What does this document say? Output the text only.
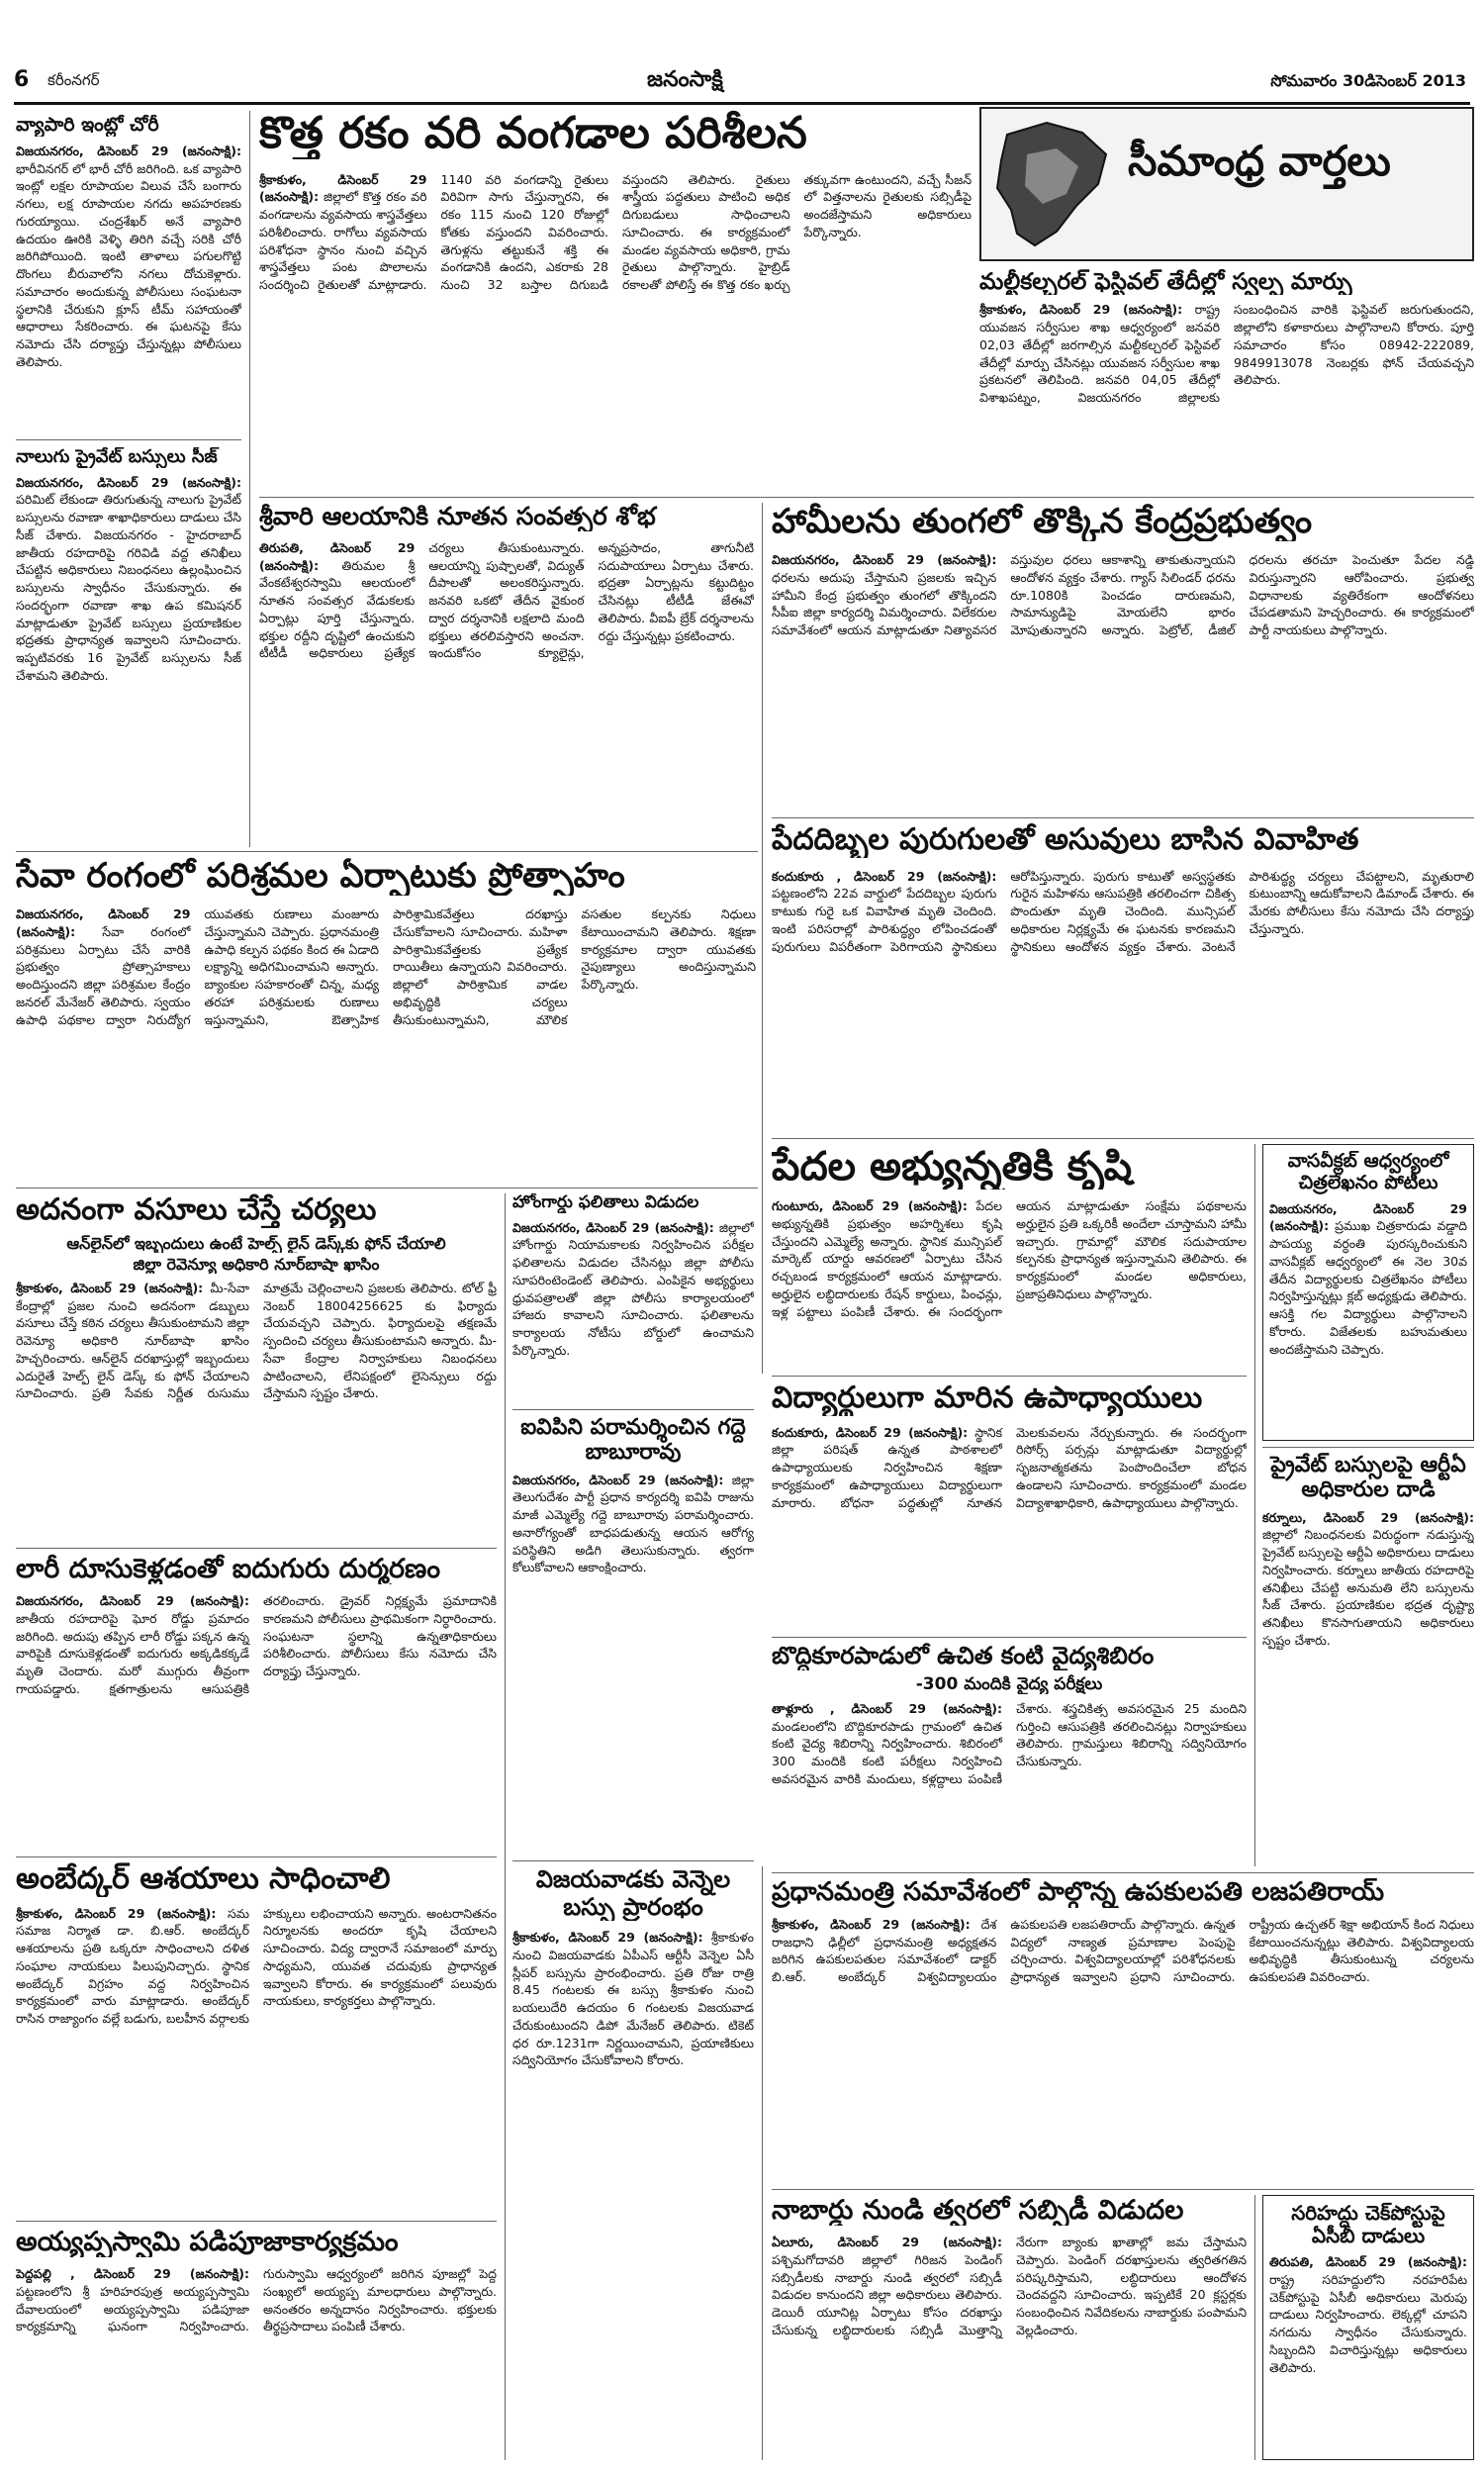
6 కరీంనగర్	జనంసాక్షి	సోమవారం 30డిసెంబర్ 2013
వ్యాపారి ఇంట్లో చోరీ
విజయనగరం, డిసెంబర్ 29 (జనంసాక్షి): భారీవినగర్ లో భారీ చోరీ జరిగింది. ఒక వ్యాపారి ఇంట్లో లక్షల రూపాయల విలువ చేసే బంగారు నగలు, లక్ష రూపాయల నగదు అపహరణకు గురయ్యాయి. చంద్రశేఖర్ అనే వ్యాపారి ఉదయం ఊరికి వెళ్ళి తిరిగి వచ్చే సరికి చోరీ జరిగిపోయింది. ఇంటి తాళాలు పగులగొట్టి దొంగలు బీరువాలోని నగలు దోచుకెళ్లారు. సమాచారం అందుకున్న పోలీసులు సంఘటనా స్థలానికి చేరుకుని క్లూస్ టీమ్ సహాయంతో ఆధారాలు సేకరించారు. ఈ ఘటనపై కేసు నమోదు చేసి దర్యాప్తు చేస్తున్నట్లు పోలీసులు తెలిపారు.
నాలుగు ప్రైవేట్ బస్సులు సీజ్
విజయనగరం, డిసెంబర్ 29 (జనంసాక్షి): పరిమిట్ లేకుండా తిరుగుతున్న నాలుగు ప్రైవేట్ బస్సులను రవాణా శాఖాధికారులు దాడులు చేసి సీజ్ చేశారు. విజయనగరం - హైదరాబాద్ జాతీయ రహదారిపై గరివిడి వద్ద తనిఖీలు చేపట్టిన అధికారులు నిబంధనలు ఉల్లంఘించిన బస్సులను స్వాధీనం చేసుకున్నారు. ఈ సందర్భంగా రవాణా శాఖ ఉప కమిషనర్ మాట్లాడుతూ ప్రైవేట్ బస్సులు ప్రయాణికుల భద్రతకు ప్రాధాన్యత ఇవ్వాలని సూచించారు. ఇప్పటివరకు 16 ప్రైవేట్ బస్సులను సీజ్ చేశామని తెలిపారు.
కొత్త రకం వరి వంగడాల పరిశీలన
శ్రీకాకుళం, డిసెంబర్ 29 (జనంసాక్షి): జిల్లాలో కొత్త రకం వరి వంగడాలను వ్యవసాయ శాస్త్రవేత్తలు పరిశీలించారు. రాగోలు వ్యవసాయ పరిశోధనా స్థానం నుంచి వచ్చిన శాస్త్రవేత్తలు పంట పొలాలను సందర్శించి రైతులతో మాట్లాడారు. 1140 వరి వంగడాన్ని రైతులు విరివిగా సాగు చేస్తున్నారని, ఈ రకం 115 నుంచి 120 రోజుల్లో కోతకు వస్తుందని వివరించారు. తెగుళ్లను తట్టుకునే శక్తి ఈ వంగడానికి ఉందని, ఎకరాకు 28 నుంచి 32 బస్తాల దిగుబడి వస్తుందని తెలిపారు. రైతులు శాస్త్రీయ పద్ధతులు పాటించి అధిక దిగుబడులు సాధించాలని సూచించారు. ఈ కార్యక్రమంలో మండల వ్యవసాయ అధికారి, గ్రామ రైతులు పాల్గొన్నారు. హైబ్రిడ్ రకాలతో పోలిస్తే ఈ కొత్త రకం ఖర్చు తక్కువగా ఉంటుందని, వచ్చే సీజన్ లో విత్తనాలను రైతులకు సబ్సిడీపై అందజేస్తామని అధికారులు పేర్కొన్నారు.
సీమాంధ్ర వార్తలు
మల్టీకల్చరల్ ఫెస్టివల్ తేదీల్లో స్వల్ప మార్పు
శ్రీకాకుళం, డిసెంబర్ 29 (జనంసాక్షి): రాష్ట్ర యువజన సర్వీసుల శాఖ ఆధ్వర్యంలో జనవరి 02,03 తేదీల్లో జరగాల్సిన మల్టీకల్చరల్ ఫెస్టివల్ తేదీల్లో మార్పు చేసినట్లు యువజన సర్వీసుల శాఖ ప్రకటనలో తెలిపింది. జనవరి 04,05 తేదీల్లో విశాఖపట్నం, విజయనగరం జిల్లాలకు సంబంధించిన వారికి ఫెస్టివల్ జరుగుతుందని, జిల్లాలోని కళాకారులు పాల్గొనాలని కోరారు. పూర్తి సమాచారం కోసం 08942-222089, 9849913078 నెంబర్లకు ఫోన్ చేయవచ్చని తెలిపారు.
శ్రీవారి ఆలయానికి నూతన సంవత్సర శోభ
తిరుపతి, డిసెంబర్ 29 (జనంసాక్షి): తిరుమల శ్రీ వేంకటేశ్వరస్వామి ఆలయంలో నూతన సంవత్సర వేడుకలకు ఏర్పాట్లు పూర్తి చేస్తున్నారు. భక్తుల రద్దీని దృష్టిలో ఉంచుకుని టీటీడీ అధికారులు ప్రత్యేక చర్యలు తీసుకుంటున్నారు. ఆలయాన్ని పుష్పాలతో, విద్యుత్ దీపాలతో అలంకరిస్తున్నారు. జనవరి ఒకటో తేదీన వైకుంఠ ద్వార దర్శనానికి లక్షలాది మంది భక్తులు తరలివస్తారని అంచనా. ఇందుకోసం క్యూలైన్లు, అన్నప్రసాదం, తాగునీటి సదుపాయాలు ఏర్పాటు చేశారు. భద్రతా ఏర్పాట్లను కట్టుదిట్టం చేసినట్లు టీటీడీ జేఈవో తెలిపారు. వీఐపీ బ్రేక్ దర్శనాలను రద్దు చేస్తున్నట్లు ప్రకటించారు.
హామీలను తుంగలో తొక్కిన కేంద్రప్రభుత్వం
విజయనగరం, డిసెంబర్ 29 (జనంసాక్షి): ధరలను అదుపు చేస్తామని ప్రజలకు ఇచ్చిన హామీని కేంద్ర ప్రభుత్వం తుంగలో తొక్కిందని సీపీఐ జిల్లా కార్యదర్శి విమర్శించారు. విలేకరుల సమావేశంలో ఆయన మాట్లాడుతూ నిత్యావసర వస్తువుల ధరలు ఆకాశాన్ని తాకుతున్నాయని ఆందోళన వ్యక్తం చేశారు. గ్యాస్ సిలిండర్ ధరను రూ.1080కి పెంచడం దారుణమని, సామాన్యుడిపై మోయలేని భారం మోపుతున్నారని అన్నారు. పెట్రోల్, డీజిల్ ధరలను తరచూ పెంచుతూ పేదల నడ్డి విరుస్తున్నారని ఆరోపించారు. ప్రభుత్వ విధానాలకు వ్యతిరేకంగా ఆందోళనలు చేపడతామని హెచ్చరించారు. ఈ కార్యక్రమంలో పార్టీ నాయకులు పాల్గొన్నారు.
పేదదిబ్బల పురుగులతో అసువులు బాసిన వివాహిత
కందుకూరు , డిసెంబర్ 29 (జనంసాక్షి): పట్టణంలోని 22వ వార్డులో పేదదిబ్బల పురుగు కాటుకు గురై ఒక వివాహిత మృతి చెందింది. ఇంటి పరిసరాల్లో పారిశుద్ధ్యం లోపించడంతో పురుగులు విపరీతంగా పెరిగాయని స్థానికులు ఆరోపిస్తున్నారు. పురుగు కాటుతో అస్వస్థతకు గురైన మహిళను ఆసుపత్రికి తరలించగా చికిత్స పొందుతూ మృతి చెందింది. మున్సిపల్ అధికారుల నిర్లక్ష్యమే ఈ ఘటనకు కారణమని స్థానికులు ఆందోళన వ్యక్తం చేశారు. వెంటనే పారిశుద్ధ్య చర్యలు చేపట్టాలని, మృతురాలి కుటుంబాన్ని ఆదుకోవాలని డిమాండ్ చేశారు. ఈ మేరకు పోలీసులు కేసు నమోదు చేసి దర్యాప్తు చేస్తున్నారు.
సేవా రంగంలో పరిశ్రమల ఏర్పాటుకు ప్రోత్సాహం
విజయనగరం, డిసెంబర్ 29 (జనంసాక్షి): సేవా రంగంలో పరిశ్రమలు ఏర్పాటు చేసే వారికి ప్రభుత్వం ప్రోత్సాహకాలు అందిస్తుందని జిల్లా పరిశ్రమల కేంద్రం జనరల్ మేనేజర్ తెలిపారు. స్వయం ఉపాధి పథకాల ద్వారా నిరుద్యోగ యువతకు రుణాలు మంజూరు చేస్తున్నామని చెప్పారు. ప్రధానమంత్రి ఉపాధి కల్పన పథకం కింద ఈ ఏడాది లక్ష్యాన్ని అధిగమించామని అన్నారు. బ్యాంకుల సహకారంతో చిన్న, మధ్య తరహా పరిశ్రమలకు రుణాలు ఇస్తున్నామని, ఔత్సాహిక పారిశ్రామికవేత్తలు దరఖాస్తు చేసుకోవాలని సూచించారు. మహిళా పారిశ్రామికవేత్తలకు ప్రత్యేక రాయితీలు ఉన్నాయని వివరించారు. జిల్లాలో పారిశ్రామిక వాడల అభివృద్ధికి చర్యలు తీసుకుంటున్నామని, మౌలిక వసతుల కల్పనకు నిధులు కేటాయించామని తెలిపారు. శిక్షణా కార్యక్రమాల ద్వారా యువతకు నైపుణ్యాలు అందిస్తున్నామని పేర్కొన్నారు.
పేదల అభ్యున్నతికి కృషి
గుంటూరు, డిసెంబర్ 29 (జనంసాక్షి): పేదల అభ్యున్నతికి ప్రభుత్వం అహర్నిశలు కృషి చేస్తుందని ఎమ్మెల్యే అన్నారు. స్థానిక మున్సిపల్ మార్కెట్ యార్డు ఆవరణలో ఏర్పాటు చేసిన రచ్చబండ కార్యక్రమంలో ఆయన మాట్లాడారు. అర్హులైన లబ్ధిదారులకు రేషన్ కార్డులు, పింఛన్లు, ఇళ్ల పట్టాలు పంపిణీ చేశారు. ఈ సందర్భంగా ఆయన మాట్లాడుతూ సంక్షేమ పథకాలను అర్హులైన ప్రతి ఒక్కరికీ అందేలా చూస్తామని హామీ ఇచ్చారు. గ్రామాల్లో మౌలిక సదుపాయాల కల్పనకు ప్రాధాన్యత ఇస్తున్నామని తెలిపారు. ఈ కార్యక్రమంలో మండల అధికారులు, ప్రజాప్రతినిధులు పాల్గొన్నారు.
వాసవీక్లబ్ ఆధ్వర్యంలో చిత్రలేఖనం పోటీలు
విజయనగరం, డిసెంబర్ 29 (జనంసాక్షి): ప్రముఖ చిత్రకారుడు వడ్డాది పాపయ్య వర్ధంతి పురస్కరించుకుని వాసవీక్లబ్ ఆధ్వర్యంలో ఈ నెల 30వ తేదీన విద్యార్థులకు చిత్రలేఖనం పోటీలు నిర్వహిస్తున్నట్లు క్లబ్ అధ్యక్షుడు తెలిపారు. ఆసక్తి గల విద్యార్థులు పాల్గొనాలని కోరారు. విజేతలకు బహుమతులు అందజేస్తామని చెప్పారు.
అదనంగా వసూలు చేస్తే చర్యలు
ఆన్‌లైన్‌లో ఇబ్బందులు ఉంటే హెల్ప్ లైన్ డెస్క్‌కు ఫోన్ చేయాలి
జిల్లా రెవెన్యూ అధికారి నూర్‌బాషా ఖాసిం
శ్రీకాకుళం, డిసెంబర్ 29 (జనంసాక్షి): మీ-సేవా కేంద్రాల్లో ప్రజల నుంచి అదనంగా డబ్బులు వసూలు చేస్తే కఠిన చర్యలు తీసుకుంటామని జిల్లా రెవెన్యూ అధికారి నూర్‌బాషా ఖాసిం హెచ్చరించారు. ఆన్‌లైన్ దరఖాస్తుల్లో ఇబ్బందులు ఎదురైతే హెల్ప్ లైన్ డెస్క్ కు ఫోన్ చేయాలని సూచించారు. ప్రతి సేవకు నిర్ణీత రుసుము మాత్రమే చెల్లించాలని ప్రజలకు తెలిపారు. టోల్ ఫ్రీ నెంబర్ 18004256625 కు ఫిర్యాదు చేయవచ్చని చెప్పారు. ఫిర్యాదులపై తక్షణమే స్పందించి చర్యలు తీసుకుంటామని అన్నారు. మీ-సేవా కేంద్రాల నిర్వాహకులు నిబంధనలు పాటించాలని, లేనిపక్షంలో లైసెన్సులు రద్దు చేస్తామని స్పష్టం చేశారు.
హోంగార్డు ఫలితాలు విడుదల
విజయనగరం, డిసెంబర్ 29 (జనంసాక్షి): జిల్లాలో హోంగార్డు నియామకాలకు నిర్వహించిన పరీక్షల ఫలితాలను విడుదల చేసినట్లు జిల్లా పోలీసు సూపరింటెండెంట్ తెలిపారు. ఎంపికైన అభ్యర్థులు ధ్రువపత్రాలతో జిల్లా పోలీసు కార్యాలయంలో హాజరు కావాలని సూచించారు. ఫలితాలను కార్యాలయ నోటీసు బోర్డులో ఉంచామని పేర్కొన్నారు.
ఐవిపిని పరామర్శించిన గద్దె బాబూరావు
విజయనగరం, డిసెంబర్ 29 (జనంసాక్షి): జిల్లా తెలుగుదేశం పార్టీ ప్రధాన కార్యదర్శి ఐవిపి రాజును మాజీ ఎమ్మెల్యే గద్దె బాబూరావు పరామర్శించారు. అనారోగ్యంతో బాధపడుతున్న ఆయన ఆరోగ్య పరిస్థితిని అడిగి తెలుసుకున్నారు. త్వరగా కోలుకోవాలని ఆకాంక్షించారు.
లారీ దూసుకెళ్లడంతో ఐదుగురు దుర్మరణం
విజయనగరం, డిసెంబర్ 29 (జనంసాక్షి): జాతీయ రహదారిపై ఘోర రోడ్డు ప్రమాదం జరిగింది. అదుపు తప్పిన లారీ రోడ్డు పక్కన ఉన్న వారిపైకి దూసుకెళ్లడంతో ఐదుగురు అక్కడికక్కడే మృతి చెందారు. మరో ముగ్గురు తీవ్రంగా గాయపడ్డారు. క్షతగాత్రులను ఆసుపత్రికి తరలించారు. డ్రైవర్ నిర్లక్ష్యమే ప్రమాదానికి కారణమని పోలీసులు ప్రాథమికంగా నిర్ధారించారు. సంఘటనా స్థలాన్ని ఉన్నతాధికారులు పరిశీలించారు. పోలీసులు కేసు నమోదు చేసి దర్యాప్తు చేస్తున్నారు.
విద్యార్థులుగా మారిన ఉపాధ్యాయులు
కందుకూరు, డిసెంబర్ 29 (జనంసాక్షి): స్థానిక జిల్లా పరిషత్ ఉన్నత పాఠశాలలో ఉపాధ్యాయులకు నిర్వహించిన శిక్షణా కార్యక్రమంలో ఉపాధ్యాయులు విద్యార్థులుగా మారారు. బోధనా పద్ధతుల్లో నూతన మెలకువలను నేర్చుకున్నారు. ఈ సందర్భంగా రిసోర్స్ పర్సన్లు మాట్లాడుతూ విద్యార్థుల్లో సృజనాత్మకతను పెంపొందించేలా బోధన ఉండాలని సూచించారు. కార్యక్రమంలో మండల విద్యాశాఖాధికారి, ఉపాధ్యాయులు పాల్గొన్నారు.
బొద్దికూరపాడులో ఉచిత కంటి వైద్యశిబిరం
-300 మందికి వైద్య పరీక్షలు
తాళ్లూరు , డిసెంబర్ 29 (జనంసాక్షి): మండలంలోని బొద్దికూరపాడు గ్రామంలో ఉచిత కంటి వైద్య శిబిరాన్ని నిర్వహించారు. శిబిరంలో 300 మందికి కంటి పరీక్షలు నిర్వహించి అవసరమైన వారికి మందులు, కళ్లద్దాలు పంపిణీ చేశారు. శస్త్రచికిత్స అవసరమైన 25 మందిని గుర్తించి ఆసుపత్రికి తరలించినట్లు నిర్వాహకులు తెలిపారు. గ్రామస్తులు శిబిరాన్ని సద్వినియోగం చేసుకున్నారు.
ప్రైవేట్ బస్సులపై ఆర్టీఏ అధికారుల దాడి
కర్నూలు, డిసెంబర్ 29 (జనంసాక్షి): జిల్లాలో నిబంధనలకు విరుద్ధంగా నడుస్తున్న ప్రైవేట్ బస్సులపై ఆర్టీఏ అధికారులు దాడులు నిర్వహించారు. కర్నూలు జాతీయ రహదారిపై తనిఖీలు చేపట్టి అనుమతి లేని బస్సులను సీజ్ చేశారు. ప్రయాణికుల భద్రత దృష్ట్యా తనిఖీలు కొనసాగుతాయని అధికారులు స్పష్టం చేశారు.
అంబేద్కర్ ఆశయాలు సాధించాలి
శ్రీకాకుళం, డిసెంబర్ 29 (జనంసాక్షి): సమ సమాజ నిర్మాత డా. బి.ఆర్. అంబేద్కర్ ఆశయాలను ప్రతి ఒక్కరూ సాధించాలని దళిత సంఘాల నాయకులు పిలుపునిచ్చారు. స్థానిక అంబేద్కర్ విగ్రహం వద్ద నిర్వహించిన కార్యక్రమంలో వారు మాట్లాడారు. అంబేద్కర్ రాసిన రాజ్యాంగం వల్లే బడుగు, బలహీన వర్గాలకు హక్కులు లభించాయని అన్నారు. అంటరానితనం నిర్మూలనకు అందరూ కృషి చేయాలని సూచించారు. విద్య ద్వారానే సమాజంలో మార్పు సాధ్యమని, యువత చదువుకు ప్రాధాన్యత ఇవ్వాలని కోరారు. ఈ కార్యక్రమంలో పలువురు నాయకులు, కార్యకర్తలు పాల్గొన్నారు.
విజయవాడకు వెన్నెల బస్సు ప్రారంభం
శ్రీకాకుళం, డిసెంబర్ 29 (జనంసాక్షి): శ్రీకాకుళం నుంచి విజయవాడకు ఏపీఎస్ ఆర్టీసీ వెన్నెల ఏసీ స్లీపర్ బస్సును ప్రారంభించారు. ప్రతి రోజు రాత్రి 8.45 గంటలకు ఈ బస్సు శ్రీకాకుళం నుంచి బయలుదేరి ఉదయం 6 గంటలకు విజయవాడ చేరుకుంటుందని డిపో మేనేజర్ తెలిపారు. టికెట్ ధర రూ.1231గా నిర్ణయించామని, ప్రయాణికులు సద్వినియోగం చేసుకోవాలని కోరారు.
ప్రధానమంత్రి సమావేశంలో పాల్గొన్న ఉపకులపతి లజపతిరాయ్
శ్రీకాకుళం, డిసెంబర్ 29 (జనంసాక్షి): దేశ రాజధాని ఢిల్లీలో ప్రధానమంత్రి అధ్యక్షతన జరిగిన ఉపకులపతుల సమావేశంలో డాక్టర్ బి.ఆర్. అంబేద్కర్ విశ్వవిద్యాలయం ఉపకులపతి లజపతిరాయ్ పాల్గొన్నారు. ఉన్నత విద్యలో నాణ్యత ప్రమాణాల పెంపుపై చర్చించారు. విశ్వవిద్యాలయాల్లో పరిశోధనలకు ప్రాధాన్యత ఇవ్వాలని ప్రధాని సూచించారు. రాష్ట్రీయ ఉచ్చతర్ శిక్షా అభియాన్ కింద నిధులు కేటాయించనున్నట్లు తెలిపారు. విశ్వవిద్యాలయ అభివృద్ధికి తీసుకుంటున్న చర్యలను ఉపకులపతి వివరించారు.
నాబార్డు నుండి త్వరలో సబ్సిడీ విడుదల
ఏలూరు, డిసెంబర్ 29 (జనంసాక్షి): పశ్చిమగోదావరి జిల్లాలో గిరిజన పెండింగ్ సబ్సిడీలకు నాబార్డు నుండి త్వరలో సబ్సిడీ విడుదల కానుందని జిల్లా అధికారులు తెలిపారు. డెయిరీ యూనిట్ల ఏర్పాటు కోసం దరఖాస్తు చేసుకున్న లబ్ధిదారులకు సబ్సిడీ మొత్తాన్ని నేరుగా బ్యాంకు ఖాతాల్లో జమ చేస్తామని చెప్పారు. పెండింగ్ దరఖాస్తులను త్వరితగతిన పరిష్కరిస్తామని, లబ్ధిదారులు ఆందోళన చెందవద్దని సూచించారు. ఇప్పటికే 20 క్లస్టర్లకు సంబంధించిన నివేదికలను నాబార్డుకు పంపామని వెల్లడించారు.
సరిహద్దు చెక్‌పోస్టుపై ఏసీబీ దాడులు
తిరుపతి, డిసెంబర్ 29 (జనంసాక్షి): రాష్ట్ర సరిహద్దులోని నరహరిపేట చెక్‌పోస్టుపై ఏసీబీ అధికారులు మెరుపు దాడులు నిర్వహించారు. లెక్కల్లో చూపని నగదును స్వాధీనం చేసుకున్నారు. సిబ్బందిని విచారిస్తున్నట్లు అధికారులు తెలిపారు.
అయ్యప్పస్వామి పడిపూజాకార్యక్రమం
పెద్దపల్లి , డిసెంబర్ 29 (జనంసాక్షి): పట్టణంలోని శ్రీ హరిహరపుత్ర అయ్యప్పస్వామి దేవాలయంలో అయ్యప్పస్వామి పడిపూజా కార్యక్రమాన్ని ఘనంగా నిర్వహించారు. గురుస్వామి ఆధ్వర్యంలో జరిగిన పూజల్లో పెద్ద సంఖ్యలో అయ్యప్ప మాలధారులు పాల్గొన్నారు. అనంతరం అన్నదానం నిర్వహించారు. భక్తులకు తీర్థప్రసాదాలు పంపిణీ చేశారు.
